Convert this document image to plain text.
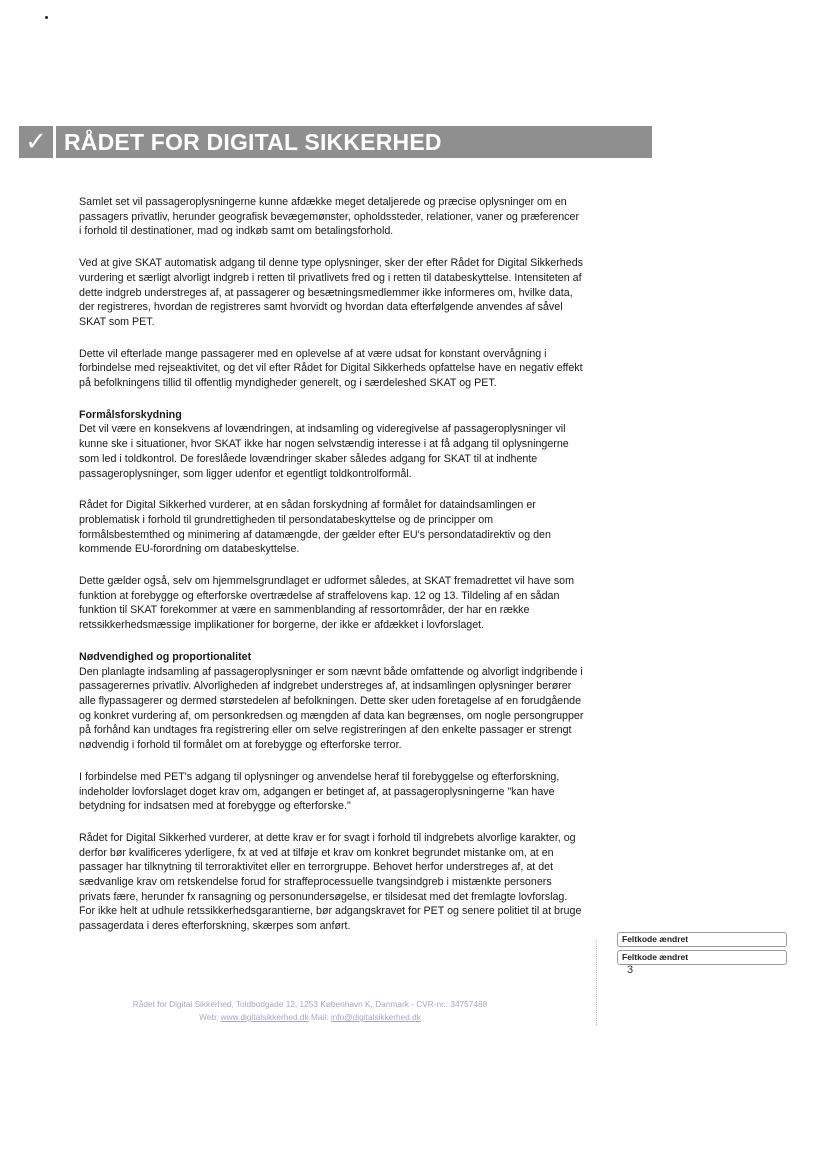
✓ RÅDET FOR DIGITAL SIKKERHED

Samlet set vil passageroplysningerne kunne afdække meget detaljerede og præcise oplysninger om en passagers privatliv, herunder geografisk bevægemønster, opholdssteder, relationer, vaner og præferencer i forhold til destinationer, mad og indkøb samt om betalingsforhold.

Ved at give SKAT automatisk adgang til denne type oplysninger, sker der efter Rådet for Digital Sikkerheds vurdering et særligt alvorligt indgreb i retten til privatlivets fred og i retten til databeskyttelse. Intensiteten af dette indgreb understreges af, at passagerer og besætningsmedlemmer ikke informeres om, hvilke data, der registreres, hvordan de registreres samt hvorvidt og hvordan data efterfølgende anvendes af såvel SKAT som PET.

Dette vil efterlade mange passagerer med en oplevelse af at være udsat for konstant overvågning i forbindelse med rejseaktivitet, og det vil efter Rådet for Digital Sikkerheds opfattelse have en negativ effekt på befolkningens tillid til offentlig myndigheder generelt, og i særdeleshed SKAT og PET.

Formålsforskydning

Det vil være en konsekvens af lovændringen, at indsamling og videregivelse af passageroplysninger vil kunne ske i situationer, hvor SKAT ikke har nogen selvstændig interesse i at få adgang til oplysningerne som led i toldkontrol. De foreslåede lovændringer skaber således adgang for SKAT til at indhente passageroplysninger, som ligger udenfor et egentligt toldkontrolformål.

Rådet for Digital Sikkerhed vurderer, at en sådan forskydning af formålet for dataindsamlingen er problematisk i forhold til grundrettigheden til persondatabeskyttelse og de principper om formålsbestemthed og minimering af datamængde, der gælder efter EU's persondatadirektiv og den kommende EU-forordning om databeskyttelse.

Dette gælder også, selv om hjemmelsgrundlaget er udformet således, at SKAT fremadrettet vil have som funktion at forebygge og efterforske overtrædelse af straffelovens kap. 12 og 13. Tildeling af en sådan funktion til SKAT forekommer at være en sammenblanding af ressortområder, der har en række retssikkerhedsmæssige implikationer for borgerne, der ikke er afdækket i lovforslaget.

Nødvendighed og proportionalitet

Den planlagte indsamling af passageroplysninger er som nævnt både omfattende og alvorligt indgribende i passagerernes privatliv. Alvorligheden af indgrebet understreges af, at indsamlingen oplysninger berører alle flypassagerer og dermed størstedelen af befolkningen. Dette sker uden foretagelse af en forudgående og konkret vurdering af, om personkredsen og mængden af data kan begrænses, om nogle persongrupper på forhånd kan undtages fra registrering eller om selve registreringen af den enkelte passager er strengt nødvendig i forhold til formålet om at forebygge og efterforske terror.

I forbindelse med PET's adgang til oplysninger og anvendelse heraf til forebyggelse og efterforskning, indeholder lovforslaget doget krav om, adgangen er betinget af, at passageroplysningerne "kan have betydning for indsatsen med at forebygge og efterforske."

Rådet for Digital Sikkerhed vurderer, at dette krav er for svagt i forhold til indgrebets alvorlige karakter, og derfor bør kvalificeres yderligere, fx at ved at tilføje et krav om konkret begrundet mistanke om, at en passager har tilknytning til terroraktivitet eller en terrorgruppe. Behovet herfor understreges af, at det sædvanlige krav om retskendelse forud for straffeprocessuelle tvangsindgreb i mistænkte personers privats fære, herunder fx ransagning og personundersøgelse, er tilsidesat med det fremlagte lovforslag. For ikke helt at udhule retssikkerhedsgarantierne, bør adgangskravet for PET og senere politiet til at bruge passagerdata i deres efterforskning, skærpes som anført.

Feltkode ændret
Feltkode ændret
3
Rådet for Digital Sikkerhed, Toldbodgade 12, 1253 København K, Danmark - CVR-nr.: 34757488
Web: www.digitalsikkerhed.dk Mail: info@digitalsikkerhed.dk
